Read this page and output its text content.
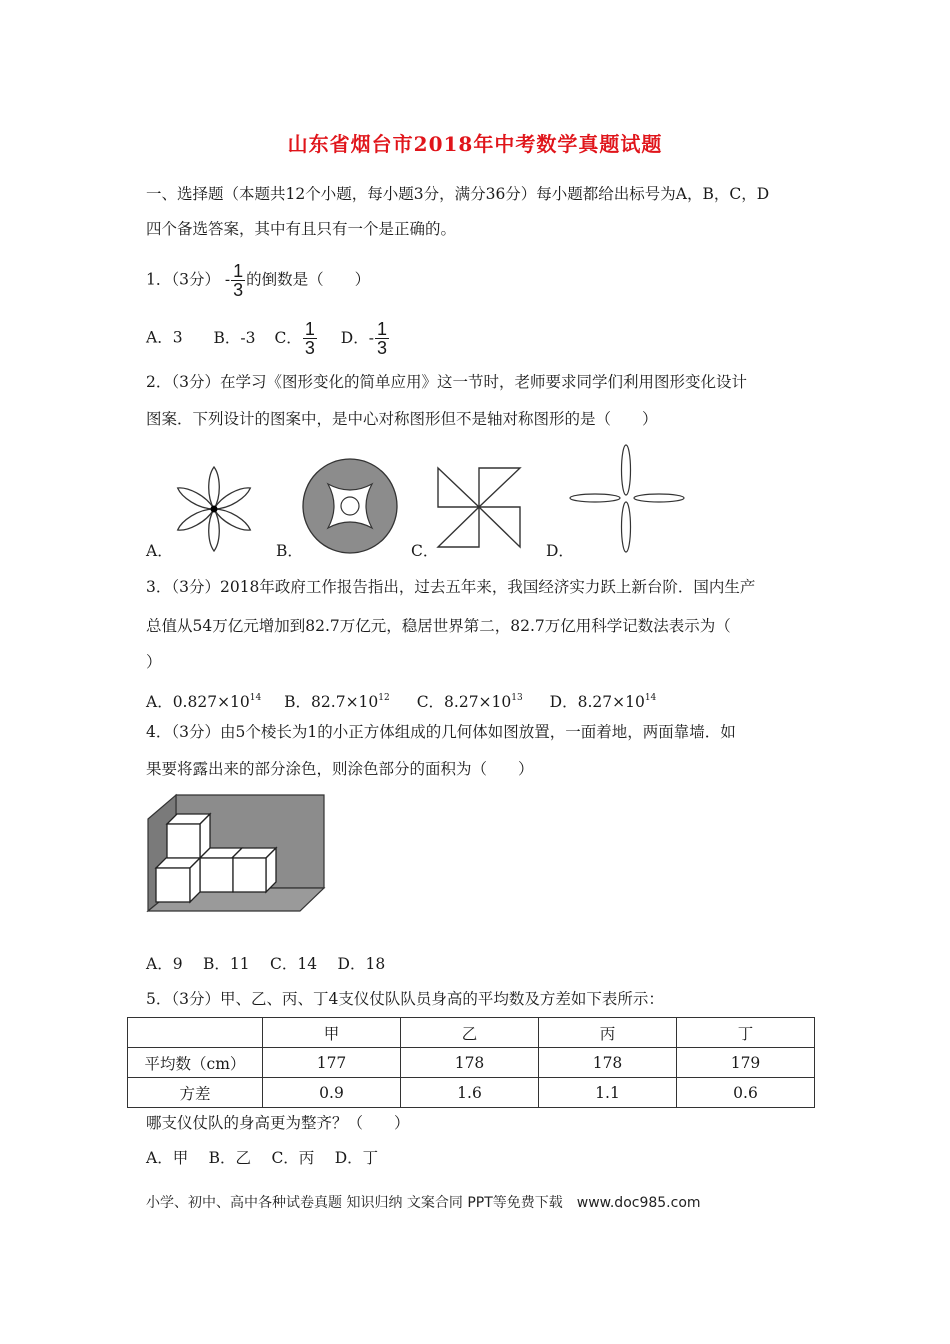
山东省烟台市2018年中考数学真题试题
一、选择题（本题共12个小题，每小题3分，满分36分）每小题都给出标号为A，B，C，D
四个备选答案，其中有且只有一个是正确的。
1．（3分） - $\frac{1}{3}$ 的倒数是（　　）
A．3 B．-3 C． $\frac{1}{3}$ D．- $\frac{1}{3}$
2．（3分）在学习《图形变化的简单应用》这一节时，老师要求同学们利用图形变化设计
图案．下列设计的图案中，是中心对称图形但不是轴对称图形的是（　　）
A．	B．	C．	D．
3．（3分）2018年政府工作报告指出，过去五年来，我国经济实力跃上新台阶．国内生产
总值从54万亿元增加到82.7万亿元，稳居世界第二，82.7万亿用科学记数法表示为（
）
A．$0.827\times 10^{14}$ B．$82.7\times 10^{12}$ C．$8.27\times 10^{13}$ D．$8.27\times 10^{14}$
4．（3分）由5个棱长为1的小正方体组成的几何体如图放置，一面着地，两面靠墙．如
果要将露出来的部分涂色，则涂色部分的面积为（　　）
A．9　 B．11　 C．14　 D．18
5．（3分）甲、乙、丙、丁4支仪仗队队员身高的平均数及方差如下表所示：
	甲	乙	丙	丁
平均数（cm）	177	178	178	179
方差	0.9	1.6	1.1	0.6
哪支仪仗队的身高更为整齐？（　　）
A．甲　 B．乙　 C．丙　 D．丁
小学、初中、高中各种试卷真题 知识归纳 文案合同 PPT等免费下载　www.doc985.com
